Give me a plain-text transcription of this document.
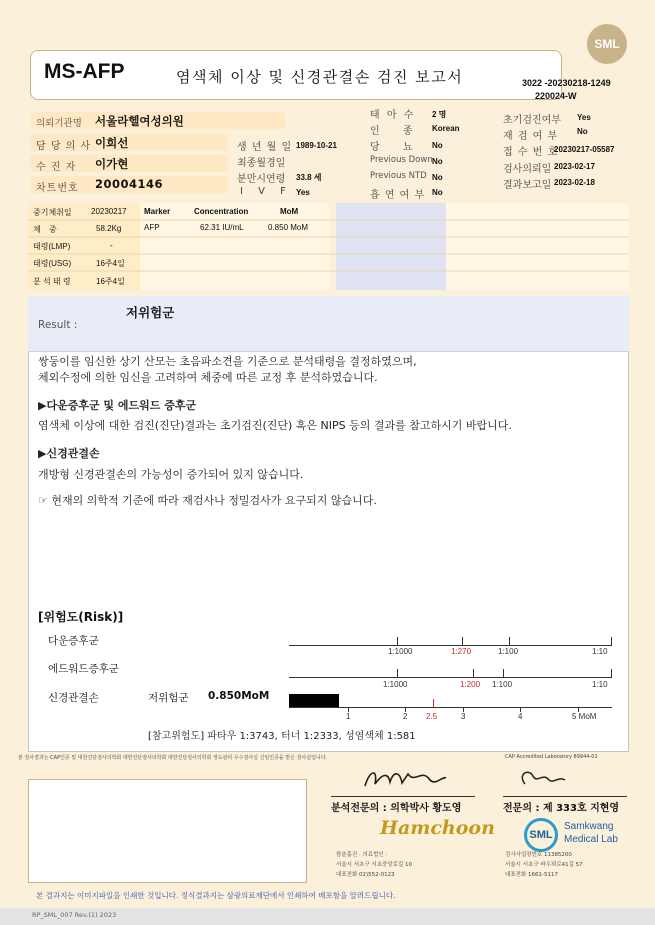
SML
MS-AFP	염색체 이상 및 신경관결손 검진 보고서	3022 -20230218-1249
220024-W
의뢰기관명 서울라헬여성의원
담 당 의 사 이희선
수 진 자 이가현
차트번호 20004146
생 년 월 일 1989-10-21
최종월경일
분만시연령 33.8 세
I V F Yes
태 아 수 2 명
인 종 Korean
당 뇨 No
Previous Down No
Previous NTD No
흡 연 여 부 No
초기검진여부 Yes
재 검 여 부 No
접 수 번 호
20230217-05587
검사의뢰일 2023-02-17
결과보고일 2023-02-18
중기체취일 20230217
체 중	58.2Kg
태령(LMP)	-
태령(USG)	16주4일
분 석 태 령	16주4일
Marker	Concentration	MoM
AFP	62.31 IU/mL	0.850 MoM
Result :
저위험군
쌍둥이를 임신한 상기 산모는 초음파소견을 기준으로 분석태령을 결정하였으며,
체외수정에 의한 임신을 고려하여 체중에 따른 교정 후 분석하였습니다.
▶다운증후군 및 에드워드 증후군
염색체 이상에 대한 검진(진단)결과는 초기검진(진단) 혹은 NIPS 등의 결과를 참고하시기 바랍니다.
▶신경관결손
개방형 신경관결손의 가능성이 증가되어 있지 않습니다.
☞ 현재의 의학적 기준에 따라 재검사나 정밀검사가 요구되지 않습니다.
[위험도(Risk)]
다운증후군
1:1000	1:270	1:100	1:10
에드워드증후군
1:1000	1:200 1:100	1:10
신경관결손	저위험군 0.850MoM
1	2 2.5	3	4	5 MoM
[참고위험도] 파타우 1:3743, 터너 1:2333, 성염색체 1:581
본 검사결과는 CAP인증 및 대한진단검사의학회 대한진단검사의학회 대한진단검사의학회 정도관리 우수검사실 신임인증을 받은 검사실입니다.	CAP Accredited Laboratory 89944-01
분석전문의 : 의학박사 황도영	전문의 : 제 333호 지현영
Hamchoon
함춘홈진 · 의료법인 ·
서울시 서초구 서초중앙로길 10
대표전화 02)552-0123
SML
Samkwang
Medical Lab
검사사업장번호 11385200
서울시 서초구 바우뫼로41길 57
대표전화 1661-5117
본 결과지는 이미지파일을 인쇄한 것입니다. 정식결과지는 삼광의료재단에서 인쇄하여 배포함을 알려드립니다.
RP_SML_007 Rev.(1) 2023
